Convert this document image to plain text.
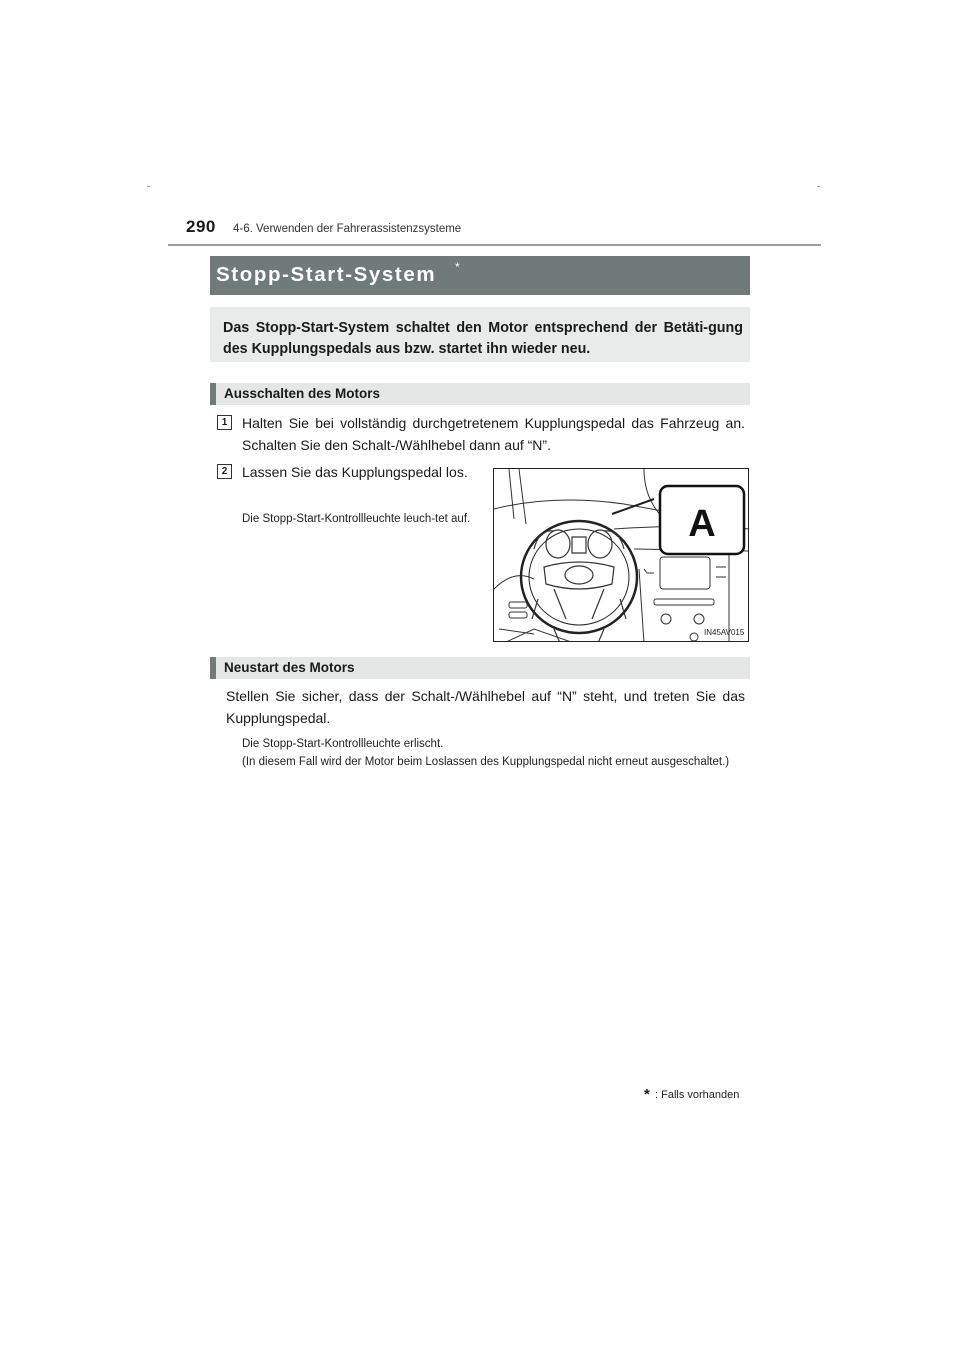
290 4-6. Verwenden der Fahrerassistenzsysteme
Stopp-Start-System *
Das Stopp-Start-System schaltet den Motor entsprechend der Betäti-gung des Kupplungspedals aus bzw. startet ihn wieder neu.
Ausschalten des Motors
1	Halten Sie bei vollständig durchgetretenem Kupplungspedal das Fahrzeug an. Schalten Sie den Schalt-/Wählhebel dann auf “N”.
2	Lassen Sie das Kupplungspedal los.
Die Stopp-Start-Kontrollleuchte leuch-tet auf.	A
IN45AV015
Neustart des Motors
Stellen Sie sicher, dass der Schalt-/Wählhebel auf “N” steht, und treten Sie das Kupplungspedal.
Die Stopp-Start-Kontrollleuchte erlischt.
(In diesem Fall wird der Motor beim Loslassen des Kupplungspedal nicht erneut ausgeschaltet.)
* : Falls vorhanden
